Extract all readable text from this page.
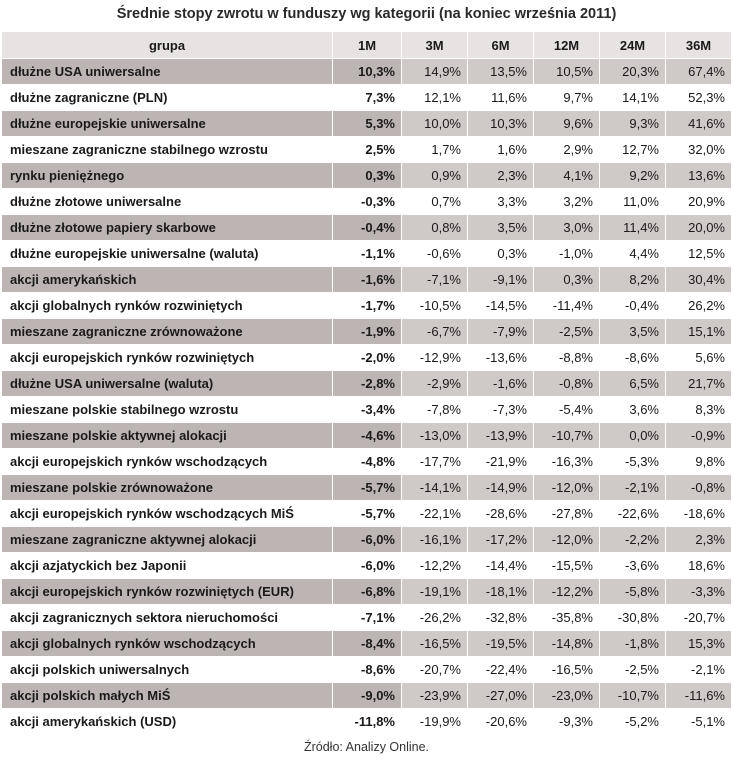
Średnie stopy zwrotu w funduszy wg kategorii (na koniec września 2011)
grupa	1M	3M	6M	12M	24M	36M
dłużne USA uniwersalne	10,3%	14,9%	13,5%	10,5%	20,3%	67,4%
dłużne zagraniczne (PLN)	7,3%	12,1%	11,6%	9,7%	14,1%	52,3%
dłużne europejskie uniwersalne	5,3%	10,0%	10,3%	9,6%	9,3%	41,6%
mieszane zagraniczne stabilnego wzrostu	2,5%	1,7%	1,6%	2,9%	12,7%	32,0%
rynku pieniężnego	0,3%	0,9%	2,3%	4,1%	9,2%	13,6%
dłużne złotowe uniwersalne	-0,3%	0,7%	3,3%	3,2%	11,0%	20,9%
dłużne złotowe papiery skarbowe	-0,4%	0,8%	3,5%	3,0%	11,4%	20,0%
dłużne europejskie uniwersalne (waluta)	-1,1%	-0,6%	0,3%	-1,0%	4,4%	12,5%
akcji amerykańskich	-1,6%	-7,1%	-9,1%	0,3%	8,2%	30,4%
akcji globalnych rynków rozwiniętych	-1,7%	-10,5%	-14,5%	-11,4%	-0,4%	26,2%
mieszane zagraniczne zrównoważone	-1,9%	-6,7%	-7,9%	-2,5%	3,5%	15,1%
akcji europejskich rynków rozwiniętych	-2,0%	-12,9%	-13,6%	-8,8%	-8,6%	5,6%
dłużne USA uniwersalne (waluta)	-2,8%	-2,9%	-1,6%	-0,8%	6,5%	21,7%
mieszane polskie stabilnego wzrostu	-3,4%	-7,8%	-7,3%	-5,4%	3,6%	8,3%
mieszane polskie aktywnej alokacji	-4,6%	-13,0%	-13,9%	-10,7%	0,0%	-0,9%
akcji europejskich rynków wschodzących	-4,8%	-17,7%	-21,9%	-16,3%	-5,3%	9,8%
mieszane polskie zrównoważone	-5,7%	-14,1%	-14,9%	-12,0%	-2,1%	-0,8%
akcji europejskich rynków wschodzących MiŚ	-5,7%	-22,1%	-28,6%	-27,8%	-22,6%	-18,6%
mieszane zagraniczne aktywnej alokacji	-6,0%	-16,1%	-17,2%	-12,0%	-2,2%	2,3%
akcji azjatyckich bez Japonii	-6,0%	-12,2%	-14,4%	-15,5%	-3,6%	18,6%
akcji europejskich rynków rozwiniętych (EUR)	-6,8%	-19,1%	-18,1%	-12,2%	-5,8%	-3,3%
akcji zagranicznych sektora nieruchomości	-7,1%	-26,2%	-32,8%	-35,8%	-30,8%	-20,7%
akcji globalnych rynków wschodzących	-8,4%	-16,5%	-19,5%	-14,8%	-1,8%	15,3%
akcji polskich uniwersalnych	-8,6%	-20,7%	-22,4%	-16,5%	-2,5%	-2,1%
akcji polskich małych MiŚ	-9,0%	-23,9%	-27,0%	-23,0%	-10,7%	-11,6%
akcji amerykańskich (USD)	-11,8%	-19,9%	-20,6%	-9,3%	-5,2%	-5,1%
Źródło: Analizy Online.
